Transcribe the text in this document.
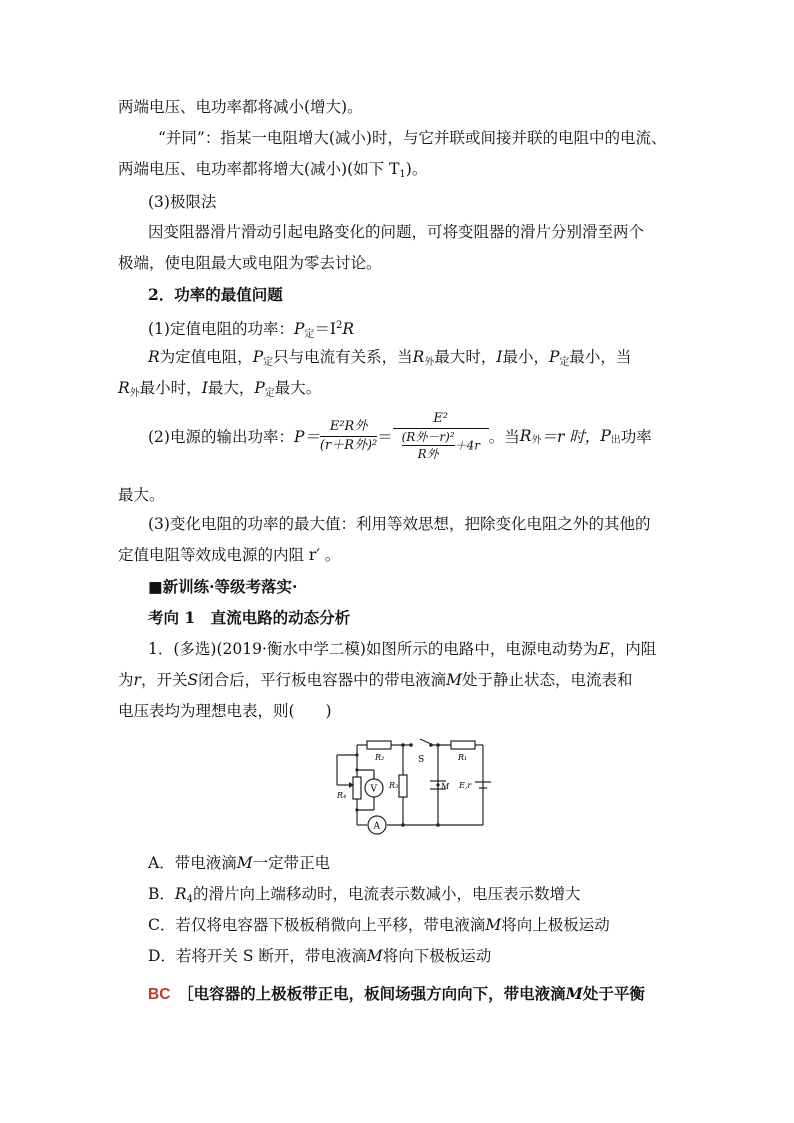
两端电压、电功率都将减小(增大)。
“并同”：指某一电阻增大(减小)时，与它并联或间接并联的电阻中的电流、
两端电压、电功率都将增大(减小)(如下 $T_1$)。
(3)极限法
因变阻器滑片滑动引起电路变化的问题，可将变阻器的滑片分别滑至两个
极端，使电阻最大或电阻为零去讨论。
2．功率的最值问题
(1)定值电阻的功率：$P_定=I^2R$
R为定值电阻，$P_定$只与电流有关系，当$R_外$最大时，I最小，$P_定$最小，当
$R_外$最小时，I最大，$P_定$最大。
(2)电源的输出功率：$P= \frac{\text{E²R外}}{\text{(r＋R外)²}} = E^2$
(R外－r)²
R外
＋4r 。当$R_外=r$ 时，$P_出$功率
最大。
(3)变化电阻的功率的最大值：利用等效思想，把除变化电阻之外的其他的
定值电阻等效成电源的内阻 r′ 。
■新训练·等级考落实·
考向 1　直流电路的动态分析
1．(多选)(2019·衡水中学二模)如图所示的电路中，电源电动势为E，内阻
为r，开关S闭合后，平行板电容器中的带电液滴M处于静止状态，电流表和
电压表均为理想电表，则(　　)
R₂	R₁
R₃
R₄
S
M E,r
V
A
A．带电液滴M一定带正电
B．$R_4$的滑片向上端移动时，电流表示数减小，电压表示数增大
C．若仅将电容器下极板稍微向上平移，带电液滴M将向上极板运动
D．若将开关 S 断开，带电液滴M将向下极板运动
BC　 ［电容器的上极板带正电，板间场强方向向下，带电液滴M处于平衡
